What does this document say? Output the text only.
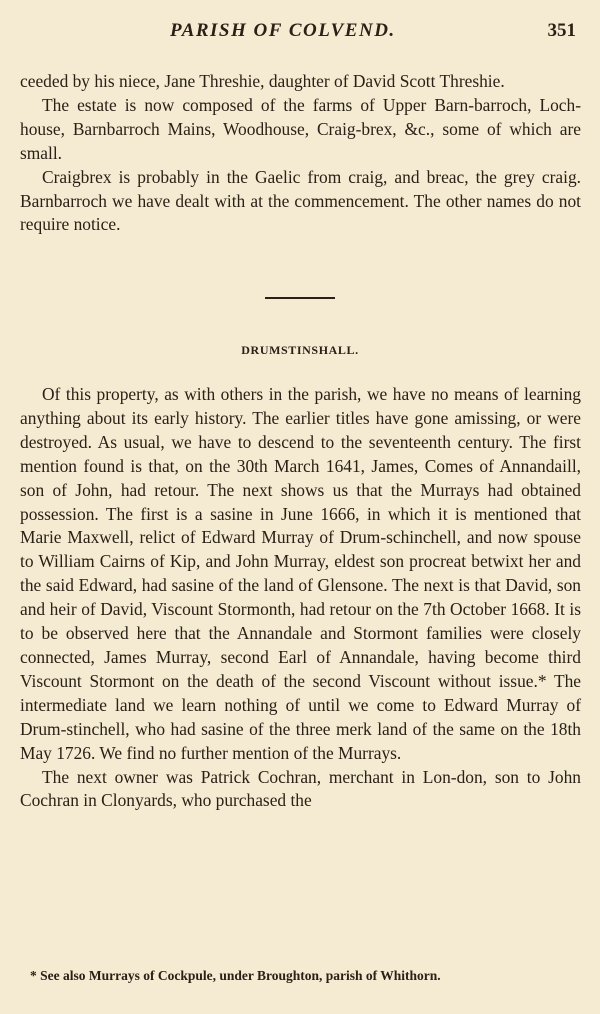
PARISH OF COLVEND.	351

ceeded by his niece, Jane Threshie, daughter of David Scott Threshie.

The estate is now composed of the farms of Upper Barn-barroch, Loch-house, Barnbarroch Mains, Woodhouse, Craig-brex, &c., some of which are small.

Craigbrex is probably in the Gaelic from craig, and breac, the grey craig. Barnbarroch we have dealt with at the commencement. The other names do not require notice.

DRUMSTINSHALL.

Of this property, as with others in the parish, we have no means of learning anything about its early history. The earlier titles have gone amissing, or were destroyed. As usual, we have to descend to the seventeenth century. The first mention found is that, on the 30th March 1641, James, Comes of Annandaill, son of John, had retour. The next shows us that the Murrays had obtained possession. The first is a sasine in June 1666, in which it is mentioned that Marie Maxwell, relict of Edward Murray of Drum-schinchell, and now spouse to William Cairns of Kip, and John Murray, eldest son procreat betwixt her and the said Edward, had sasine of the land of Glensone. The next is that David, son and heir of David, Viscount Stormonth, had retour on the 7th October 1668. It is to be observed here that the Annandale and Stormont families were closely connected, James Murray, second Earl of Annandale, having become third Viscount Stormont on the death of the second Viscount without issue.* The intermediate land we learn nothing of until we come to Edward Murray of Drum-stinchell, who had sasine of the three merk land of the same on the 18th May 1726. We find no further mention of the Murrays.

The next owner was Patrick Cochran, merchant in Lon-don, son to John Cochran in Clonyards, who purchased the

* See also Murrays of Cockpule, under Broughton, parish of Whithorn.
